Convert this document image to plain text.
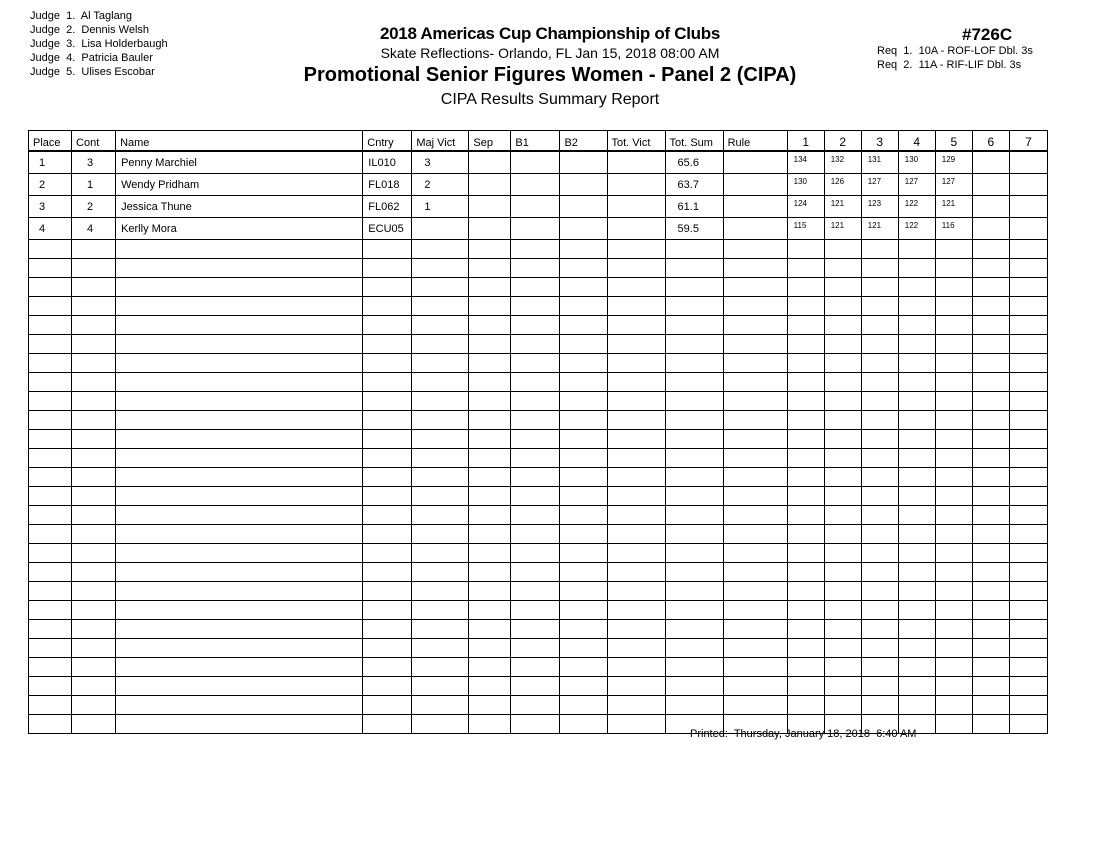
Judge  1.  Al Taglang
Judge  2.  Dennis Welsh
Judge  3.  Lisa Holderbaugh
Judge  4.  Patricia Bauler
Judge  5.  Ulises Escobar
2018 Americas Cup Championship of Clubs
Skate Reflections- Orlando, FL Jan 15, 2018 08:00 AM
Promotional Senior Figures Women - Panel 2 (CIPA)
CIPA Results Summary Report
#726C
Req  1.  10A - ROF-LOF Dbl. 3s
Req  2.  11A - RIF-LIF Dbl. 3s
Place	Cont	Name	Cntry	Maj Vict	Sep	B1	B2	Tot. Vict	Tot. Sum	Rule	1	2	3	4	5	6	7
1	3	Penny Marchiel	IL010	3					65.6		134	132	131	130	129		
2	1	Wendy Pridham	FL018	2					63.7		130	126	127	127	127		
3	2	Jessica Thune	FL062	1					61.1		124	121	123	122	121		
4	4	Kerlly Mora	ECU05						59.5		115	121	121	122	116		

Printed:  Thursday, January 18, 2018  6:40 AM
